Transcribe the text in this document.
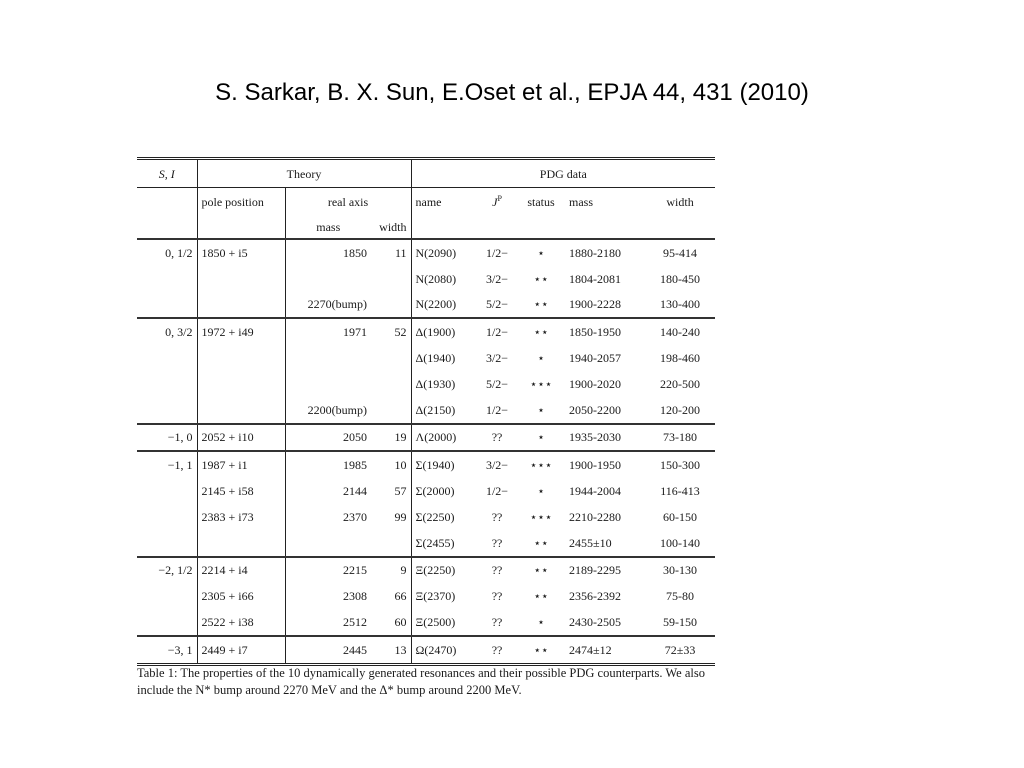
S. Sarkar, B. X. Sun, E.Oset et al., EPJA 44, 431 (2010)
S, I	Theory			PDG data				
	pole position	real axis		name	$J^P$	status	mass	width
		mass	width					
0, 1/2	1850 + i5	1850	11	N(2090)	1/2−	⋆	1880-2180	95-414
				N(2080)	3/2−	⋆⋆	1804-2081	180-450
		2270(bump)		N(2200)	5/2−	⋆⋆	1900-2228	130-400
0, 3/2	1972 + i49	1971	52	Δ(1900)	1/2−	⋆⋆	1850-1950	140-240
				Δ(1940)	3/2−	⋆	1940-2057	198-460
				Δ(1930)	5/2−	⋆⋆⋆	1900-2020	220-500
		2200(bump)		Δ(2150)	1/2−	⋆	2050-2200	120-200
−1, 0	2052 + i10	2050	19	Λ(2000)	??	⋆	1935-2030	73-180
−1, 1	1987 + i1	1985	10	Σ(1940)	3/2−	⋆⋆⋆	1900-1950	150-300
	2145 + i58	2144	57	Σ(2000)	1/2−	⋆	1944-2004	116-413
	2383 + i73	2370	99	Σ(2250)	??	⋆⋆⋆	2210-2280	60-150
				Σ(2455)	??	⋆⋆	2455±10	100-140
−2, 1/2	2214 + i4	2215	9	Ξ(2250)	??	⋆⋆	2189-2295	30-130
	2305 + i66	2308	66	Ξ(2370)	??	⋆⋆	2356-2392	75-80
	2522 + i38	2512	60	Ξ(2500)	??	⋆	2430-2505	59-150
−3, 1	2449 + i7	2445	13	Ω(2470)	??	⋆⋆	2474±12	72±33
Table 1: The properties of the 10 dynamically generated resonances and their possible PDG counterparts. We also include the N* bump around 2270 MeV and the Δ* bump around 2200 MeV.
